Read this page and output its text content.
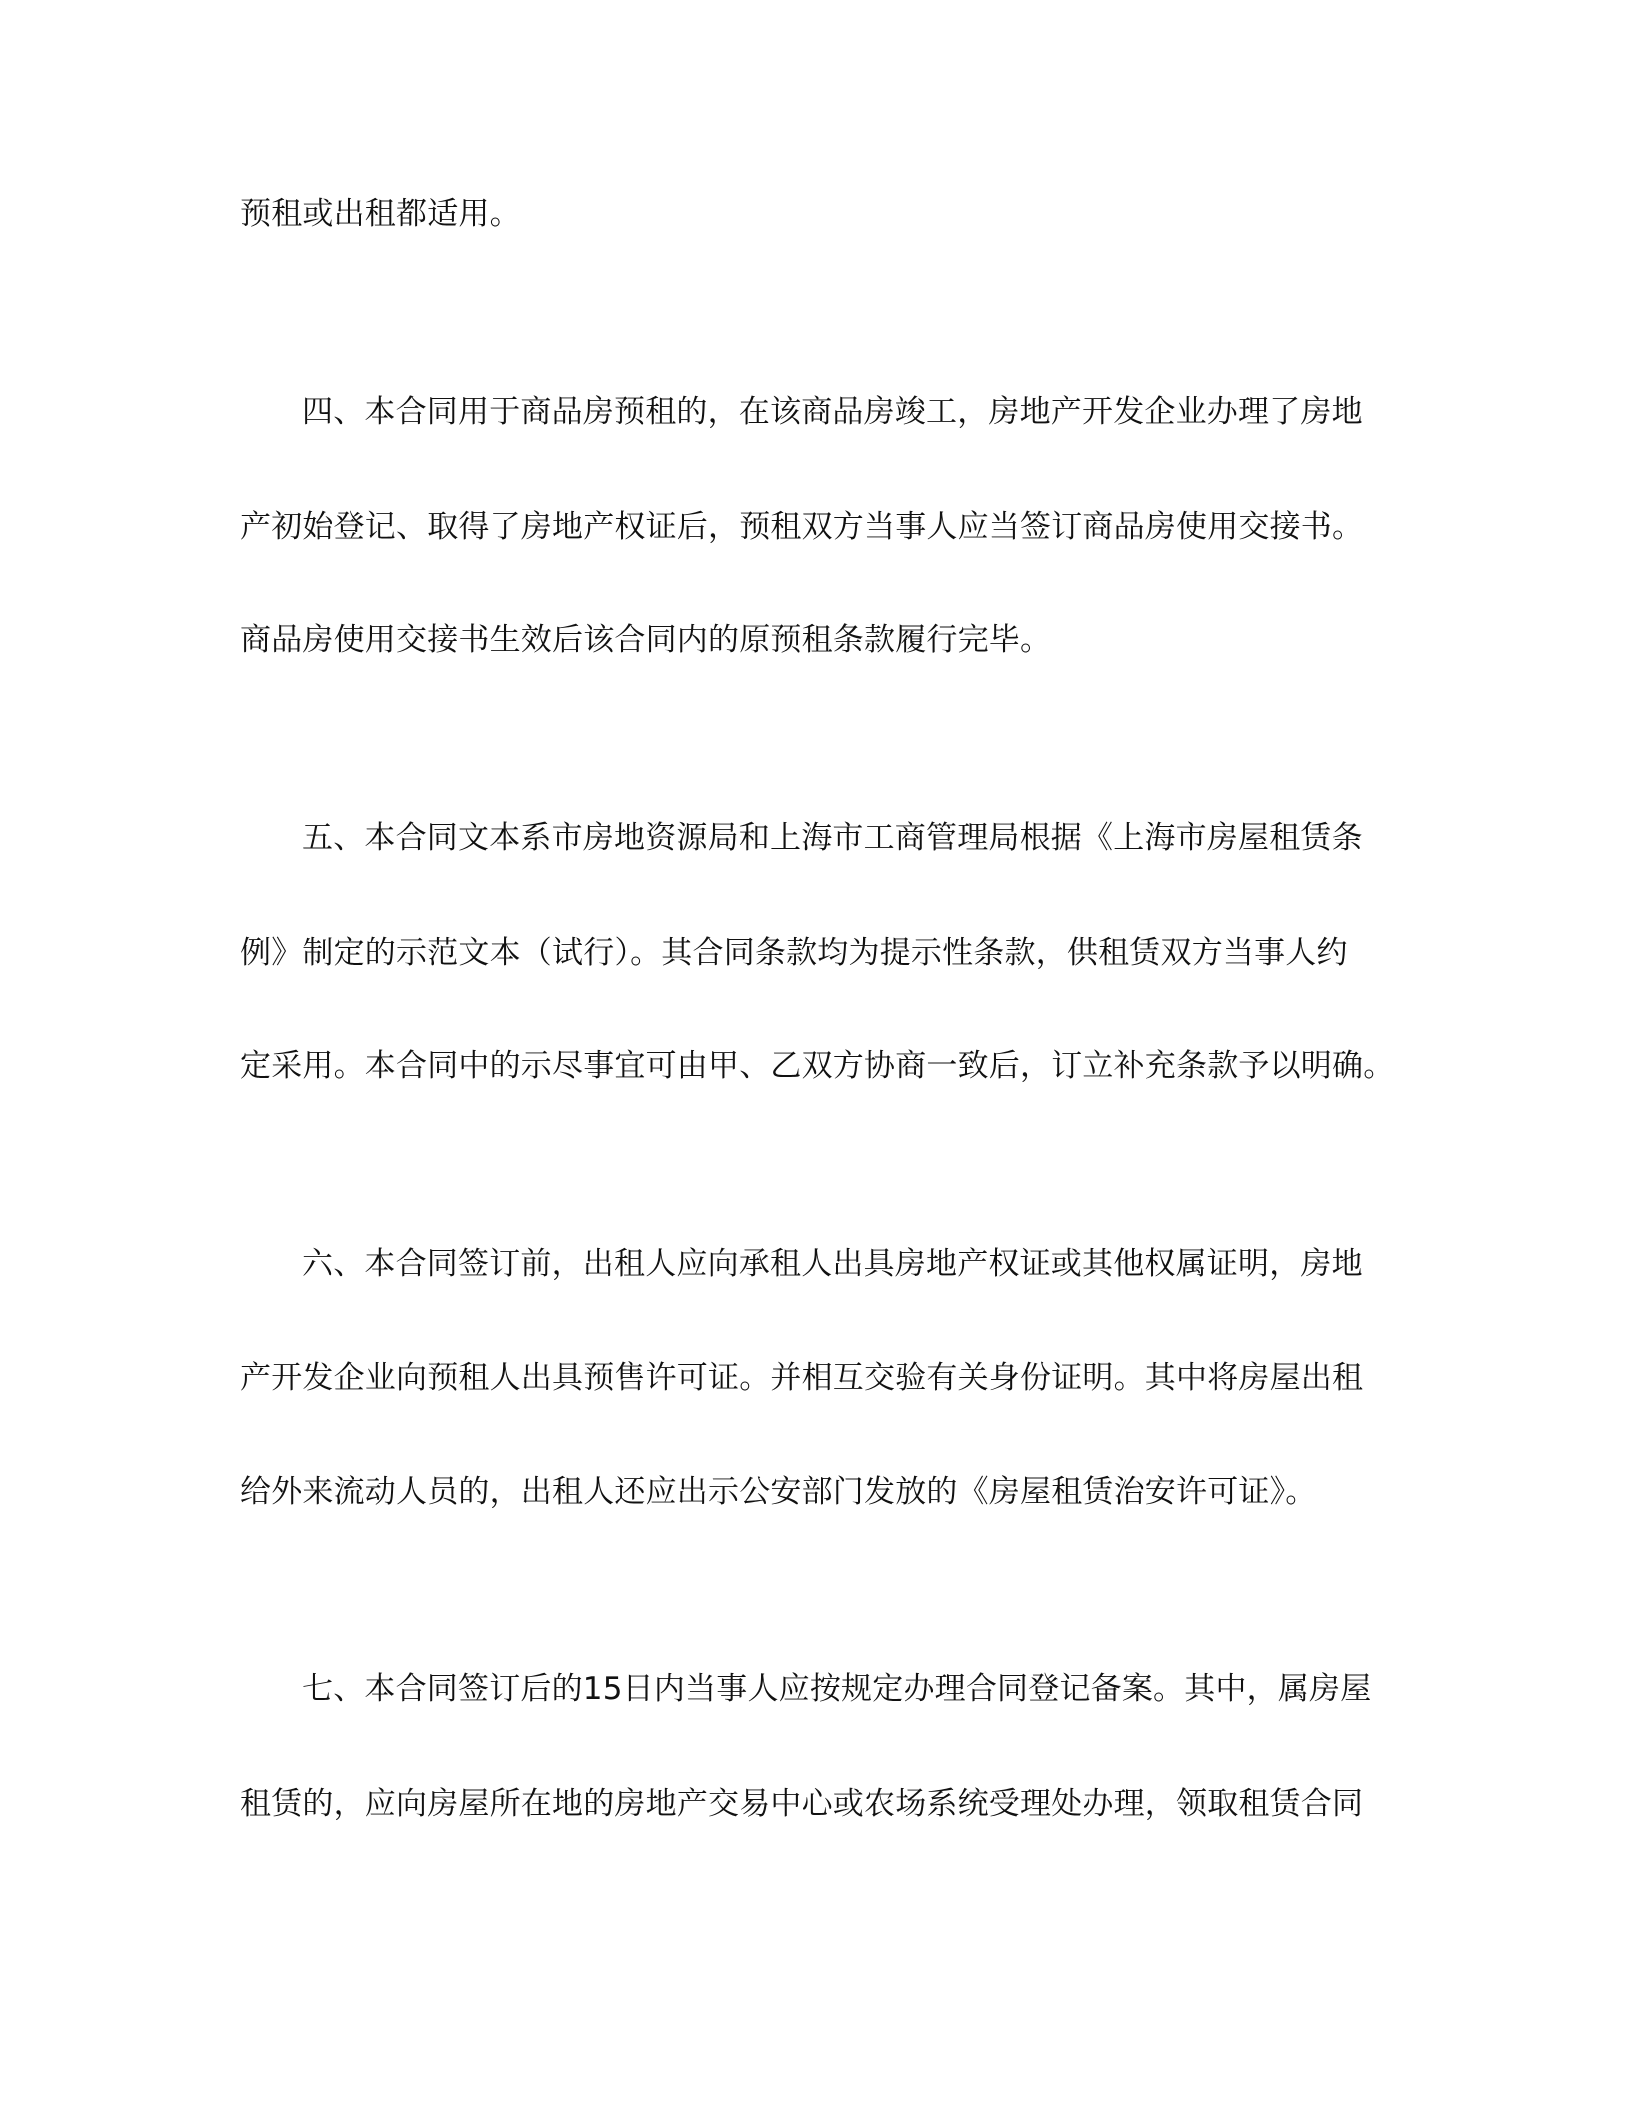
预租或出租都适用。
四、本合同用于商品房预租的，在该商品房竣工，房地产开发企业办理了房地
产初始登记、取得了房地产权证后，预租双方当事人应当签订商品房使用交接书。
商品房使用交接书生效后该合同内的原预租条款履行完毕。
五、本合同文本系市房地资源局和上海市工商管理局根据《上海市房屋租赁条
例》制定的示范文本（试行）。其合同条款均为提示性条款，供租赁双方当事人约
定采用。本合同中的示尽事宜可由甲、乙双方协商一致后，订立补充条款予以明确。
六、本合同签订前，出租人应向承租人出具房地产权证或其他权属证明，房地
产开发企业向预租人出具预售许可证。并相互交验有关身份证明。其中将房屋出租
给外来流动人员的，出租人还应出示公安部门发放的《房屋租赁治安许可证》。
七、本合同签订后的15日内当事人应按规定办理合同登记备案。其中，属房屋
租赁的，应向房屋所在地的房地产交易中心或农场系统受理处办理，领取租赁合同
